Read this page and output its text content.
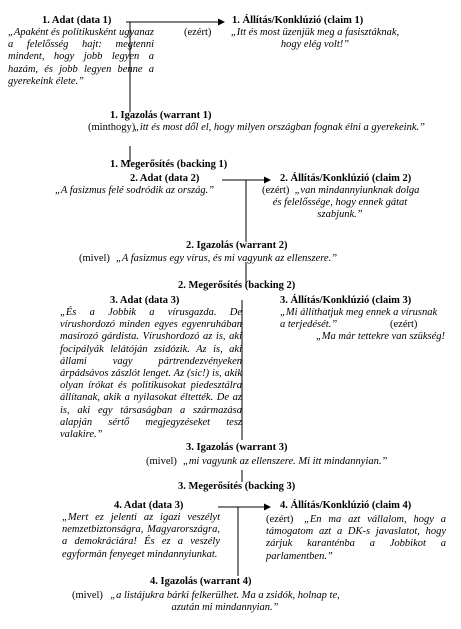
1. Adat (data 1)
„Apaként és politikusként ugyanaz a felelősség hajt: megtenni mindent, hogy jobb legyen a hazám, és jobb legyen benne a gyerekeink élete.”
1. Állítás/Konklúzió (claim 1)
(ezért)	„Itt és most üzenjük meg a fasisztáknak, hogy elég volt!”
1. Igazolás (warrant 1)
(minthogy)
„itt és most dől el, hogy milyen országban fognak élni a gyerekeink.”
1. Megerősítés (backing 1)
2. Adat (data 2)
„A fasizmus felé sodródik az ország.”
2. Állítás/Konklúzió (claim 2)
(ezért) „van mindannyiunknak dolga és felelőssége, hogy ennek gátat szabjunk.”
2. Igazolás (warrant 2)
(mivel) „A fasizmus egy vírus, és mi vagyunk az ellenszere.”
2. Megerősítés (backing 2)
3. Adat (data 3)
„És a Jobbik a vírusgazda. De vírushordozó minden egyes egyenruhában masírozó gárdista. Vírushordozó az is, aki focipályák lelátóján zsidózik. Az is, aki állami vagy pártrendezvényeken árpádsávos zászlót lenget. Az (sic!) is, akik olyan írókat és politikusokat piedesztálra állítanak, akik a nyilasokat éltették. De az is, aki egy társaságban a származása alapján sértő megjegyzéseket tesz valakire.”
3. Állítás/Konklúzió (claim 3)
„Mi állíthatjuk meg ennek a vírusnak a terjedését.”	(ezért)
„Ma már tettekre van szükség!
3. Igazolás (warrant 3)
(mivel) „mi vagyunk az ellenszere. Mi itt mindannyian.”
3. Megerősítés (backing 3)
4. Adat (data 3)
„Mert ez jelenti az igazi veszélyt nemzetbiztonságra, Magyarországra, a demokráciára! És ez a veszély egyformán fenyeget mindannyiunkat.
4. Állítás/Konklúzió (claim 4)
(ezért)	„En ma azt vállalom, hogy a támogatom azt a DK-s javaslatot, hogy zárjuk karanténba a Jobbikot a parlamentben.”
4. Igazolás (warrant 4)
(mivel) „a listájukra bárki felkerülhet. Ma a zsidók, holnap te, azután mi mindannyian.”
